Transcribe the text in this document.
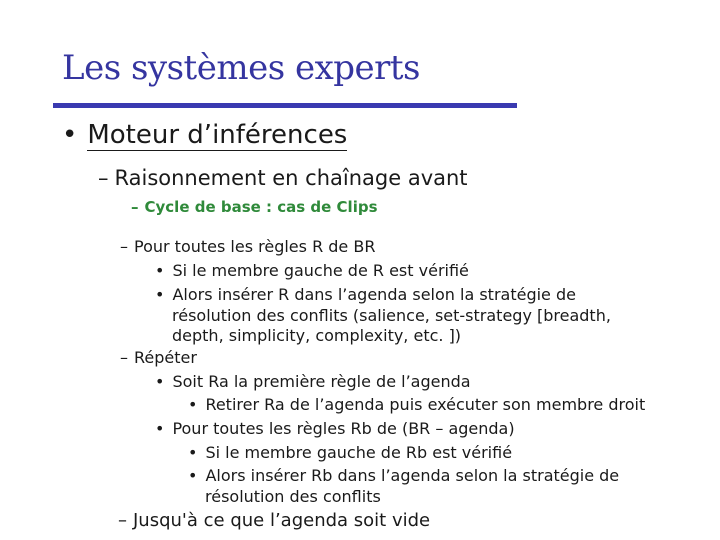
Les systèmes experts
• Moteur d’inférences
– Raisonnement en chaînage avant
– Cycle de base : cas de Clips
– Pour toutes les règles R de BR
• Si le membre gauche de R est vérifié
• Alors insérer R dans l’agenda selon la stratégie de
résolution des conflits (salience, set-strategy [breadth,
depth, simplicity, complexity, etc. ])
– Répéter
• Soit Ra la première règle de l’agenda
• Retirer Ra de l’agenda puis exécuter son membre droit
• Pour toutes les règles Rb de (BR – agenda)
• Si le membre gauche de Rb est vérifié
• Alors insérer Rb dans l’agenda selon la stratégie de
résolution des conflits
– Jusqu'à ce que l’agenda soit vide
